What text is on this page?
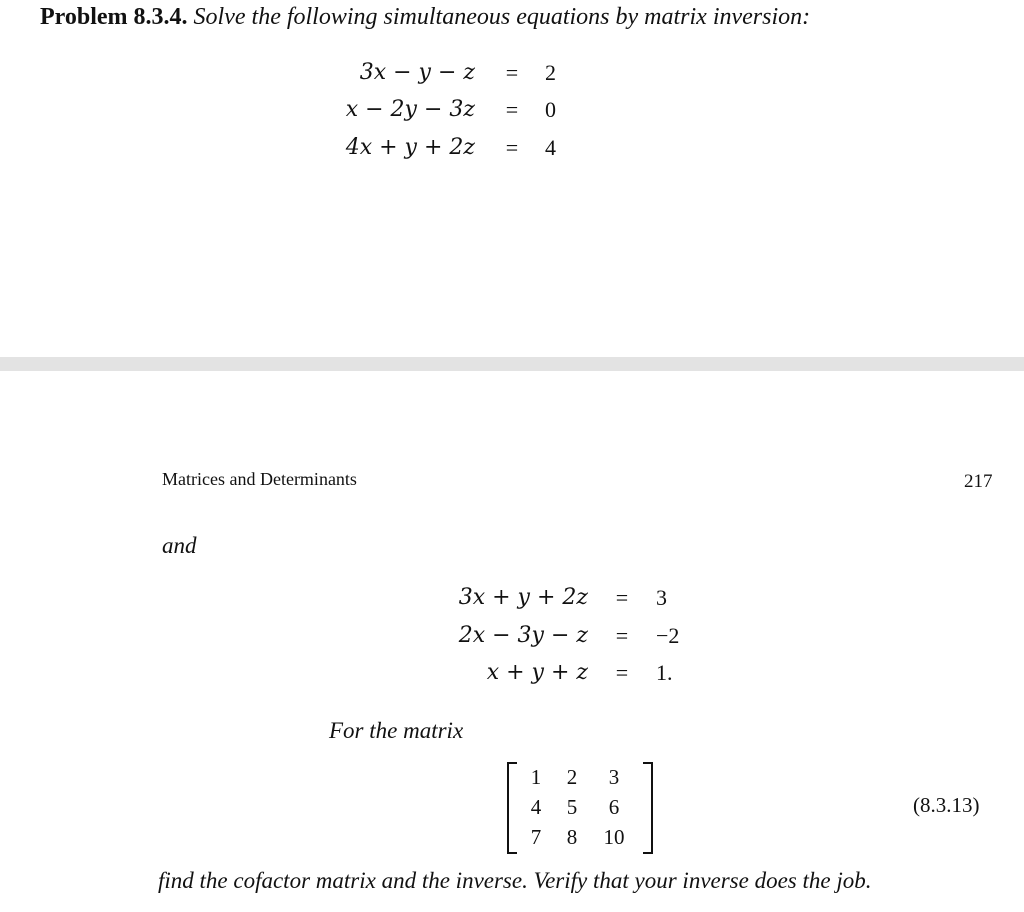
Problem 8.3.4. Solve the following simultaneous equations by matrix inversion:
3x − y − z = 2
x − 2y − 3z = 0
4x + y + 2z = 4
Matrices and Determinants	217
and
3x + y + 2z = 3
2x − 3y − z = −2
x + y + z = 1.
For the matrix
1	2	3
4	5	6
7	8	10
(8.3.13)
find the cofactor matrix and the inverse. Verify that your inverse does the job.
